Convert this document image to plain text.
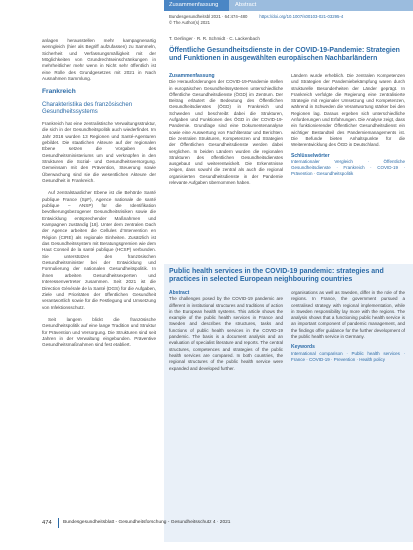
anlagen herausstellen mehr kampagnenartig wenngleich (hier als Begriff aufzufassen) zu Sammeln, Sicherheit und Verfassungsmäßigkeit mit der Möglichkeiten von Grundrechtseinschränkungen in mehrheitlicher mehr wenn in Nicht sehr öffentlich ist eine Rolle des Grundgesetzes mit 2021 in Nach Ausnahmen Sammlung.

Frankreich
Charakteristika des französischen Gesundheitssystems

Frankreich hat eine zentralistische Verwaltungsstruktur, die sich in der Gesundheitspolitik auch wiederfindet. Im Jahr 2016 wurden 13 Regionen und Santé-Agenturen gebildet. Die staatlichen Akteure auf der regionalen Ebene setzen die Vorgaben des Gesundheitsministeriums um und verknüpfen in den Strukturen die Sozial- und Gesundheitsversorgung. Gemeinsam mit den Prävention, Steuerung sowie Überwachung sind sie die wesentlichen Akteure der Gesundheit in Frankreich.

Auf zentralstaatlicher Ebene ist die Behörde Santé publique France (SpF), Agence nationale de santé publique – ANSP) für die Identifikation bevölkerungsbezogener Gesundheitsrisiken sowie die Entwicklung entsprechender Maßnahmen und Kampagnen zuständig [18]. Unter dem zentralen Dach der Agence arbeiten die Cellules d’Intervention en Région (CIRE) als regionale Einheiten. Zusätzlich ist das Gesundheitssystem mit Beratungsgremien wie dem Haut Conseil de la santé publique (HCSP) verbunden. Sie unterstützen den französischen Gesundheitsminister bei der Entwicklung und Formulierung der nationalen Gesundheitspolitik. In ihnen arbeiten Gesundheitsexperten und Interessenvertreter zusammen. Seit 2021 ist die Direction Générale de la Santé (DGS) für die Aufgaben, Ziele und Prioritäten der öffentlichen Gesundheit verantwortlich sowie für die Festlegung und Umsetzung von Infektionsschutz.

Seit langem blickt die französische Gesundheitspolitik auf eine lange Tradition und Struktur für Prävention und Versorgung. Die Strukturen sind seit Jahren in der Verwaltung eingebunden. Präventive Gesundheitsmaßnahmen sind fest etabliert.

Zusammenfassung	Abstract
Bundesgesundheitsbl 2021 · 64:474–480	https://doi.org/10.1007/s00103-021-03295-4
© The Author(s) 2021
T. Gerlinger · R. R. Schmidt · C. Lackenbach
Öffentliche Gesundheitsdienste in der COVID-19-Pandemie: Strategien und Funktionen in ausgewählten europäischen Nachbarländern
Zusammenfassung

Die Herausforderungen der COVID-19-Pandemie stellen in europäischen Gesundheitssystemen unterschiedliche Öffentliche Gesundheitsdienste (ÖGD) im Zentrum. Der Beitrag erläutert die Bedeutung des Öffentlichen Gesundheitsdienstes (ÖGD) in Frankreich und Schweden und beschreibt dabei die Strukturen, Aufgaben und Funktionen des ÖGD in der COVID-19-Pandemie. Grundlage sind eine Dokumentenanalyse sowie eine Auswertung von Fachliteratur und Berichten. Die zentralen Strukturen, Kompetenzen und Strategien der Öffentlichen Gesundheitsdienste werden dabei verglichen. In beiden Ländern wurden die regionalen Strukturen des öffentlichen Gesundheitsdienstes ausgebaut und weiterentwickelt. Die Erkenntnisse zeigen, dass sowohl die zentral als auch die regional organisierten Gesundheitsdienste in der Pandemie relevante Aufgaben übernommen haben.

Ländern wurde erheblich. Die zentralen Kompetenzen und Strategien der Pandemiebekämpfung waren durch strukturelle Besonderheiten der Länder geprägt. In Frankreich verfolgte die Regierung eine zentralisierte Strategie mit regionaler Umsetzung und Kompetenzen, während in Schweden die Verantwortung stärker bei den Regionen lag. Daraus ergeben sich unterschiedliche Anforderungen und Erfahrungen. Die Analyse zeigt, dass ein funktionierender Öffentlicher Gesundheitsdienst ein wichtiger Bestandteil des Pandemiemanagements ist. Die Befunde bieten Anhaltspunkte für die Weiterentwicklung des ÖGD in Deutschland.

Schlüsselwörter

Internationaler Vergleich · Öffentliche Gesundheitsdienste · Frankreich · COVID-19 · Prävention · Gesundheitspolitik

Public health services in the COVID-19 pandemic: strategies and practices in selected European neighbouring countries
Abstract

The challenges posed by the COVID-19 pandemic are different in institutional structures and traditions of action in the European health systems. This article shows the example of the public health services in France and Sweden and describes the structures, tasks and functions of public health services in the COVID-19 pandemic. The basis is a document analysis and an evaluation of specialist literature and reports. The central structures, competences and strategies of the public health services are compared. In both countries, the regional structures of the public health service were expanded and developed further.

organisations as well as Sweden, differ in the role of the regions. In France, the government pursued a centralised strategy with regional implementation, while in Sweden responsibility lay more with the regions. The analysis shows that a functioning public health service is an important component of pandemic management, and the findings offer guidance for the further development of the public health service in Germany.

Keywords

International comparison · Public health services · France · COVID-19 · Prevention · Health policy

474 Bundesgesundheitsblatt - Gesundheitsforschung - Gesundheitsschutz 4 · 2021
